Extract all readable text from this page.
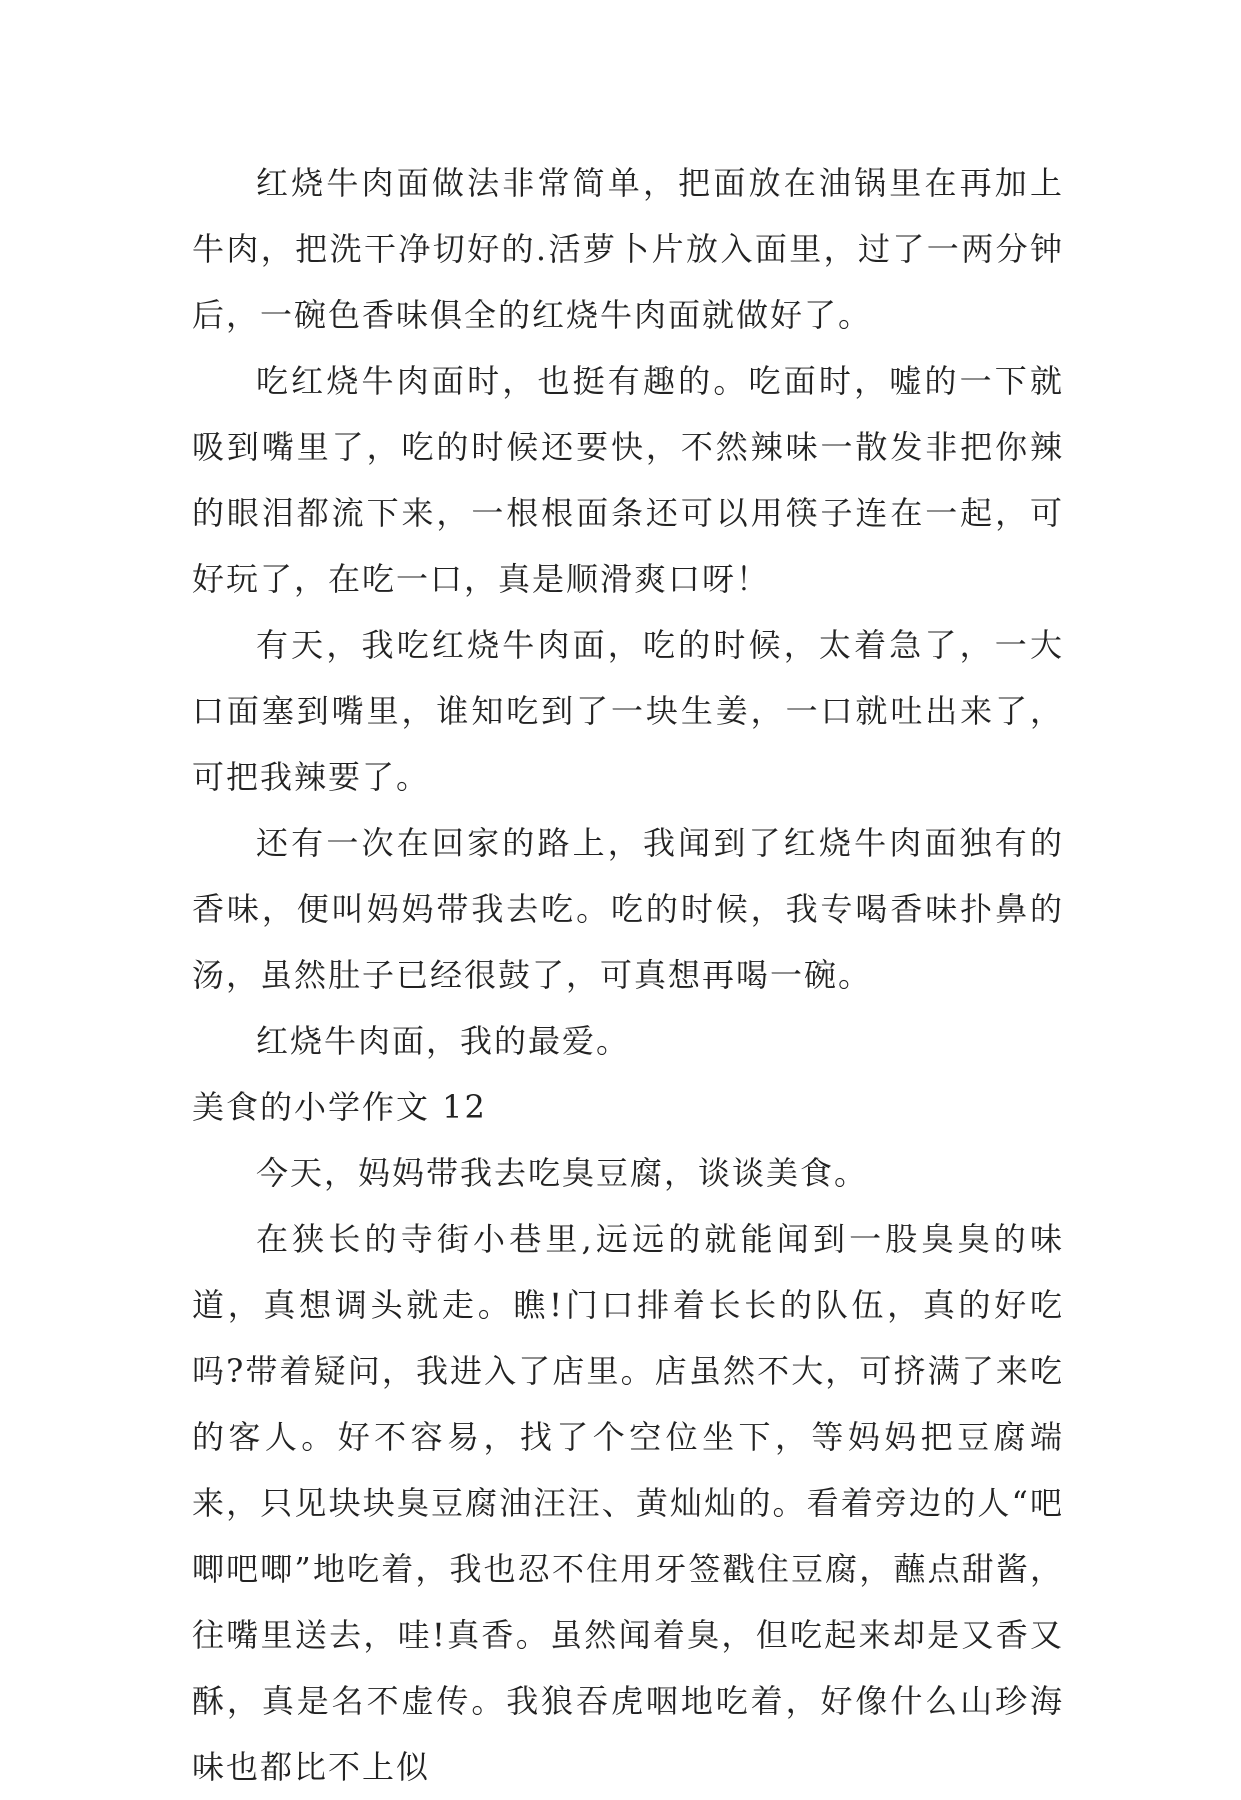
红烧牛肉面做法非常简单，把面放在油锅里在再加上牛肉，把洗干净切好的.活萝卜片放入面里，过了一两分钟后，一碗色香味俱全的红烧牛肉面就做好了。

吃红烧牛肉面时，也挺有趣的。吃面时，嘘的一下就吸到嘴里了，吃的时候还要快，不然辣味一散发非把你辣的眼泪都流下来，一根根面条还可以用筷子连在一起，可好玩了，在吃一口，真是顺滑爽口呀！

有天，我吃红烧牛肉面，吃的时候，太着急了，一大口面塞到嘴里，谁知吃到了一块生姜，一口就吐出来了，可把我辣要了。

还有一次在回家的路上，我闻到了红烧牛肉面独有的香味，便叫妈妈带我去吃。吃的时候，我专喝香味扑鼻的汤，虽然肚子已经很鼓了，可真想再喝一碗。

红烧牛肉面，我的最爱。

美食的小学作文 12

今天，妈妈带我去吃臭豆腐，谈谈美食。

在狭长的寺街小巷里,远远的就能闻到一股臭臭的味道，真想调头就走。瞧!门口排着长长的队伍，真的好吃吗?带着疑问，我进入了店里。店虽然不大，可挤满了来吃的客人。好不容易，找了个空位坐下，等妈妈把豆腐端来，只见块块臭豆腐油汪汪、黄灿灿的。看着旁边的人“吧唧吧唧”地吃着，我也忍不住用牙签戳住豆腐，蘸点甜酱，往嘴里送去，哇!真香。虽然闻着臭，但吃起来却是又香又酥，真是名不虚传。我狼吞虎咽地吃着，好像什么山珍海味也都比不上似
